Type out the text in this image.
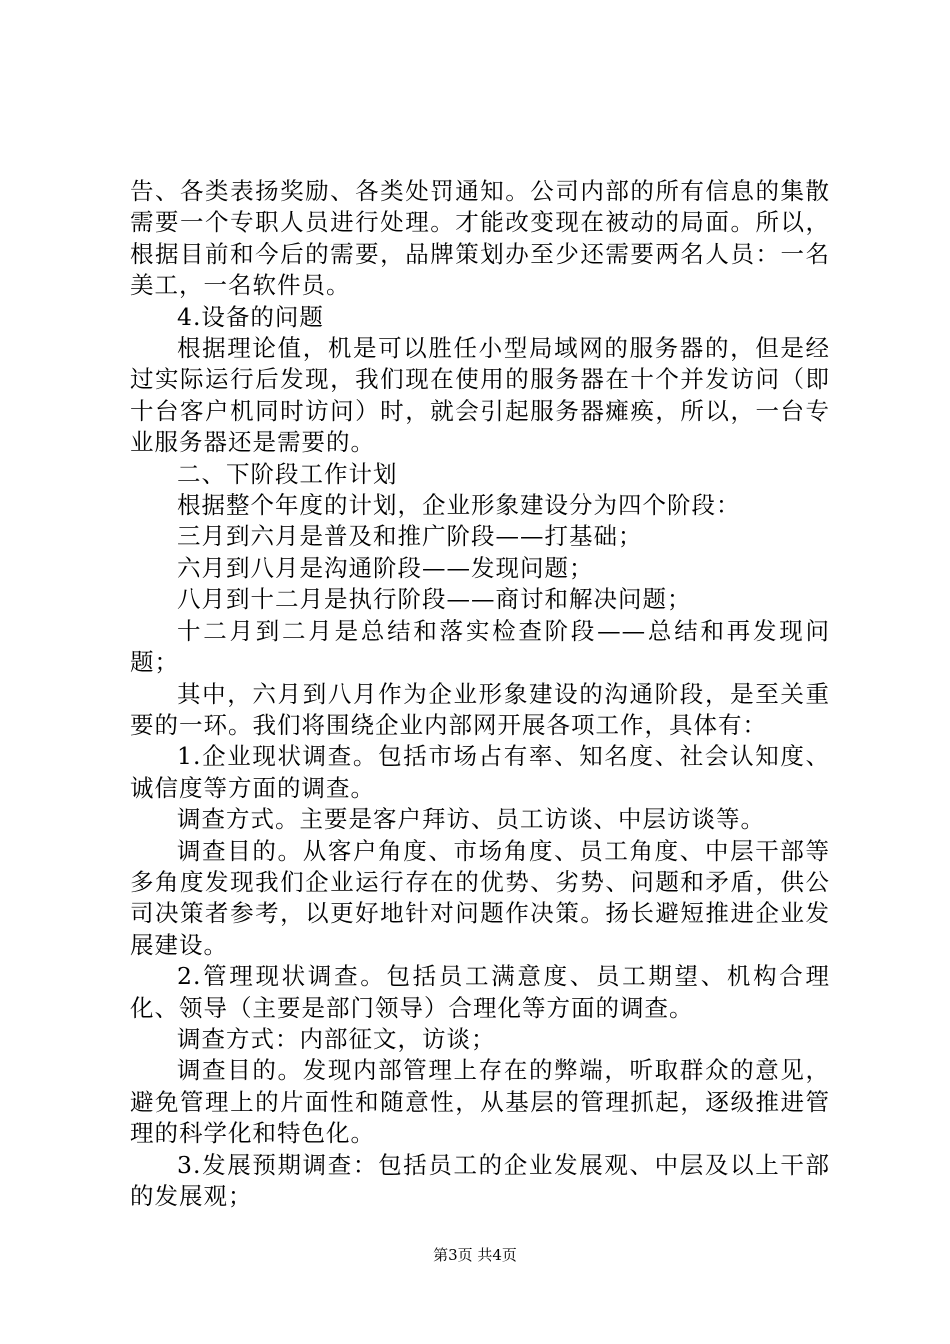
告、各类表扬奖励、各类处罚通知。公司内部的所有信息的集散需要一个专职人员进行处理。才能改变现在被动的局面。所以，根据目前和今后的需要，品牌策划办至少还需要两名人员：一名美工，一名软件员。

4.设备的问题

根据理论值，机是可以胜任小型局域网的服务器的，但是经过实际运行后发现，我们现在使用的服务器在十个并发访问（即十台客户机同时访问）时，就会引起服务器瘫痪，所以，一台专业服务器还是需要的。

二、下阶段工作计划

根据整个年度的计划，企业形象建设分为四个阶段：

三月到六月是普及和推广阶段——打基础；

六月到八月是沟通阶段——发现问题；

八月到十二月是执行阶段——商讨和解决问题；

十二月到二月是总结和落实检查阶段——总结和再发现问题；

其中，六月到八月作为企业形象建设的沟通阶段，是至关重要的一环。我们将围绕企业内部网开展各项工作，具体有：

1.企业现状调查。包括市场占有率、知名度、社会认知度、诚信度等方面的调查。

调查方式。主要是客户拜访、员工访谈、中层访谈等。

调查目的。从客户角度、市场角度、员工角度、中层干部等多角度发现我们企业运行存在的优势、劣势、问题和矛盾，供公司决策者参考，以更好地针对问题作决策。扬长避短推进企业发展建设。

2.管理现状调查。包括员工满意度、员工期望、机构合理化、领导（主要是部门领导）合理化等方面的调查。

调查方式：内部征文，访谈；

调查目的。发现内部管理上存在的弊端，听取群众的意见，避免管理上的片面性和随意性，从基层的管理抓起，逐级推进管理的科学化和特色化。

3.发展预期调查：包括员工的企业发展观、中层及以上干部的发展观；

第3页 共4页
